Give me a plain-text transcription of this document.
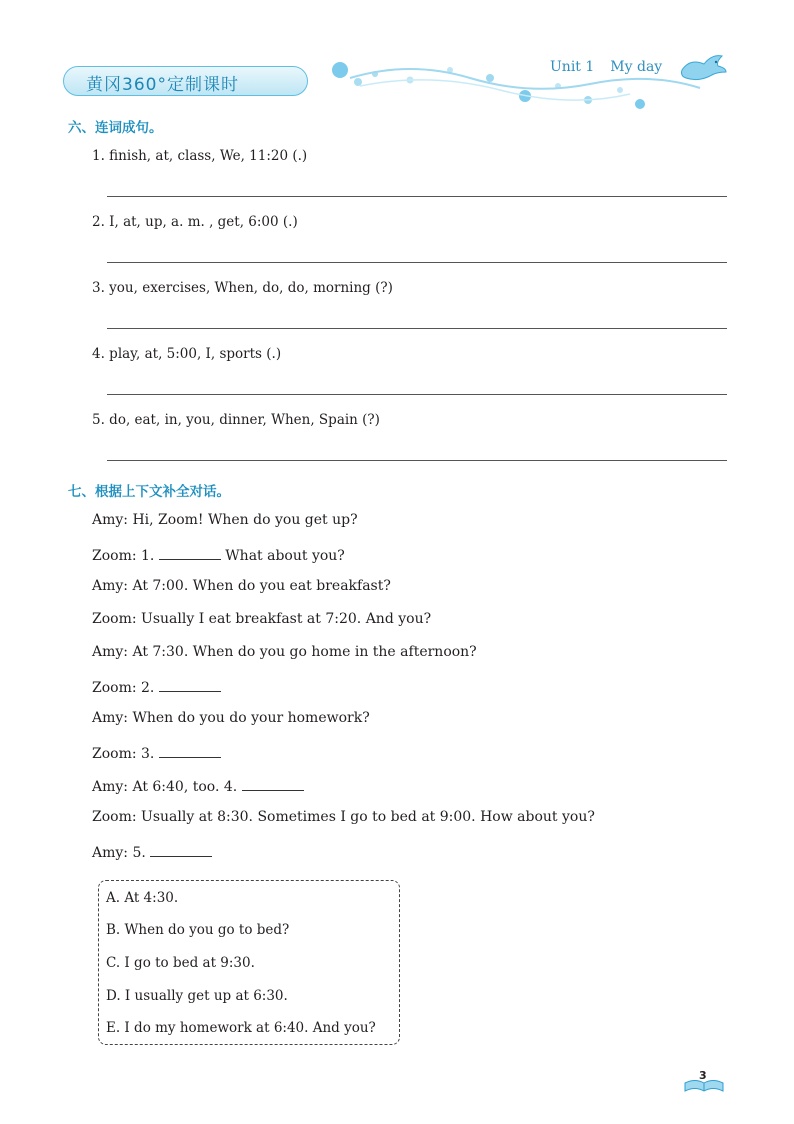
黄冈360°定制课时
Unit 1 My day
六、连词成句。
1. finish, at, class, We, 11:20 (.)
2. I, at, up, a. m. , get, 6:00 (.)
3. you, exercises, When, do, do, morning (?)
4. play, at, 5:00, I, sports (.)
5. do, eat, in, you, dinner, When, Spain (?)
七、根据上下文补全对话。
Amy: Hi, Zoom! When do you get up?
Zoom: 1.	What about you?
Amy: At 7:00. When do you eat breakfast?
Zoom: Usually I eat breakfast at 7:20. And you?
Amy: At 7:30. When do you go home in the afternoon?
Zoom: 2.
Amy: When do you do your homework?
Zoom: 3.
Amy: At 6:40, too. 4.
Zoom: Usually at 8:30. Sometimes I go to bed at 9:00. How about you?
Amy: 5.
A. At 4:30.
B. When do you go to bed?
C. I go to bed at 9:30.
D. I usually get up at 6:30.
E. I do my homework at 6:40. And you?
3
